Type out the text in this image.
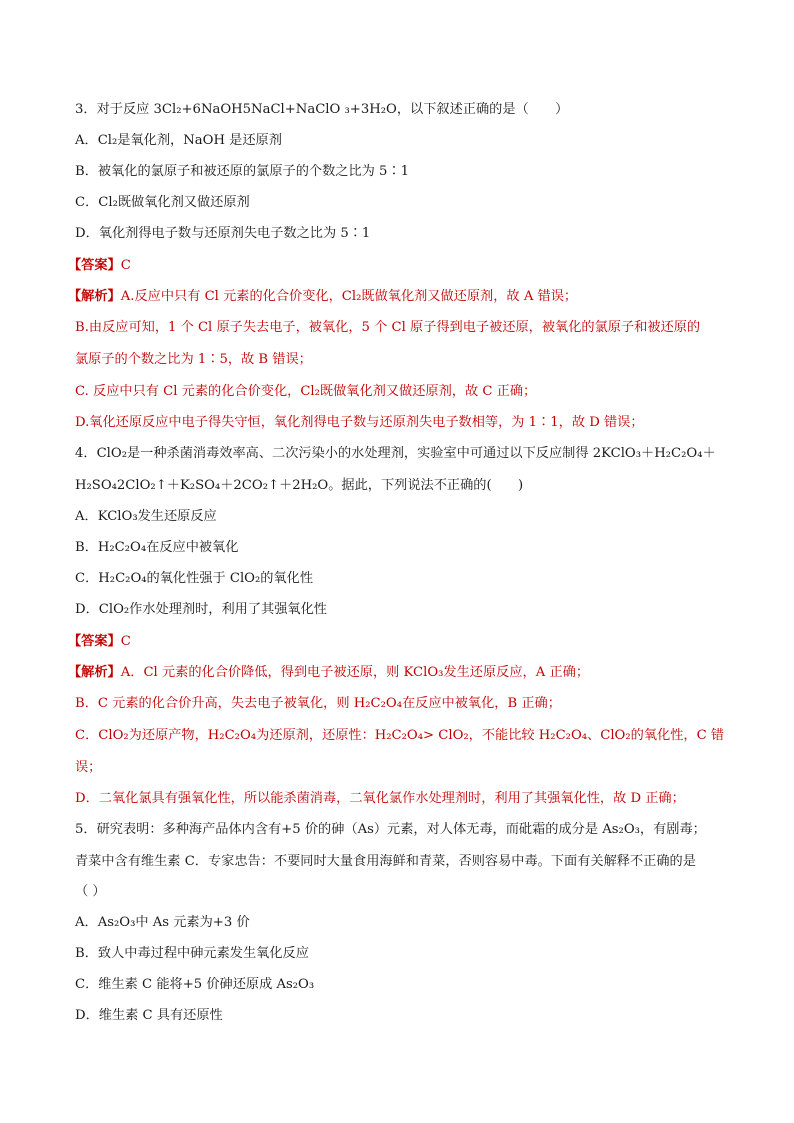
3．对于反应 3Cl₂+6NaOH5NaCl+NaClO ₃+3H₂O，以下叙述正确的是（　　）
A．Cl₂是氧化剂，NaOH 是还原剂
B．被氧化的氯原子和被还原的氯原子的个数之比为 5∶1
C．Cl₂既做氧化剂又做还原剂
D．氧化剂得电子数与还原剂失电子数之比为 5∶1
【答案】C
【解析】A.反应中只有 Cl 元素的化合价变化，Cl₂既做氧化剂又做还原剂，故 A 错误；
B.由反应可知，1 个 Cl 原子失去电子，被氧化，5 个 Cl 原子得到电子被还原，被氧化的氯原子和被还原的
氯原子的个数之比为 1∶5，故 B 错误；
C. 反应中只有 Cl 元素的化合价变化，Cl₂既做氧化剂又做还原剂，故 C 正确；
D.氧化还原反应中电子得失守恒，氧化剂得电子数与还原剂失电子数相等，为 1∶1，故 D 错误；
4．ClO₂是一种杀菌消毒效率高、二次污染小的水处理剂，实验室中可通过以下反应制得 2KClO₃＋H₂C₂O₄＋
H₂SO₄2ClO₂↑＋K₂SO₄＋2CO₂↑＋2H₂O。据此，下列说法不正确的(　　)
A．KClO₃发生还原反应
B．H₂C₂O₄在反应中被氧化
C．H₂C₂O₄的氧化性强于 ClO₂的氧化性
D．ClO₂作水处理剂时，利用了其强氧化性
【答案】C
【解析】A．Cl 元素的化合价降低，得到电子被还原，则 KClO₃发生还原反应，A 正确；
B．C 元素的化合价升高，失去电子被氧化，则 H₂C₂O₄在反应中被氧化，B 正确；
C．ClO₂为还原产物，H₂C₂O₄为还原剂，还原性：H₂C₂O₄> ClO₂，不能比较 H₂C₂O₄、ClO₂的氧化性，C 错
误；
D．二氧化氯具有强氧化性，所以能杀菌消毒，二氧化氯作水处理剂时，利用了其强氧化性，故 D 正确；
5．研究表明：多种海产品体内含有+5 价的砷（As）元素，对人体无毒，而砒霜的成分是 As₂O₃，有剧毒；
青菜中含有维生素 C．专家忠告：不要同时大量食用海鲜和青菜，否则容易中毒。下面有关解释不正确的是
（ ）
A．As₂O₃中 As 元素为+3 价
B．致人中毒过程中砷元素发生氧化反应
C．维生素 C 能将+5 价砷还原成 As₂O₃
D．维生素 C 具有还原性
